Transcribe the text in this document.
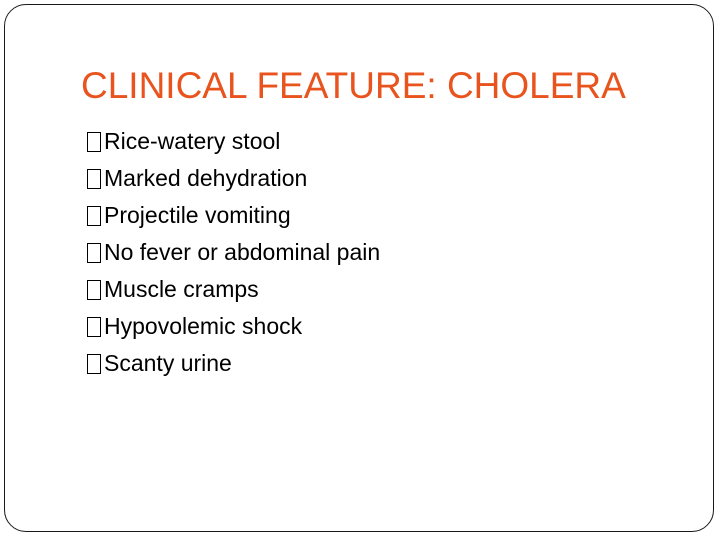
CLINICAL FEATURE: CHOLERA
Rice-watery stool
Marked dehydration
Projectile vomiting
No fever or abdominal pain
Muscle cramps
Hypovolemic shock
Scanty urine
